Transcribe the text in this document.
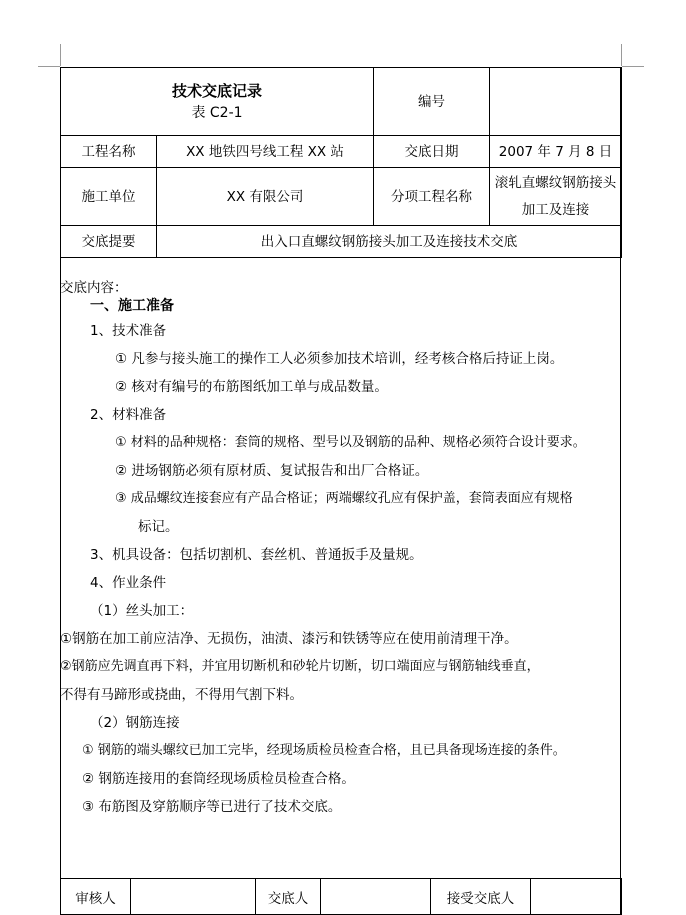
技术交底记录
表 C2-1		编号	
工程名称	XX 地铁四号线工程 XX 站	交底日期	2007 年 7 月 8 日
施工单位	XX 有限公司	分项工程名称	滚轧直螺纹钢筋接头
加工及连接

交底提要	出入口直螺纹钢筋接头加工及连接技术交底		
交底内容：
一、施工准备
1、技术准备
① 凡参与接头施工的操作工人必须参加技术培训，经考核合格后持证上岗。
② 核对有编号的布筋图纸加工单与成品数量。
2、材料准备
① 材料的品种规格：套筒的规格、型号以及钢筋的品种、规格必须符合设计要求。
② 进场钢筋必须有原材质、复试报告和出厂合格证。
③ 成品螺纹连接套应有产品合格证；两端螺纹孔应有保护盖，套筒表面应有规格
标记。
3、机具设备：包括切割机、套丝机、普通扳手及量规。
4、作业条件
（1）丝头加工：
①钢筋在加工前应洁净、无损伤，油渍、漆污和铁锈等应在使用前清理干净。
②钢筋应先调直再下料，并宜用切断机和砂轮片切断，切口端面应与钢筋轴线垂直，
不得有马蹄形或挠曲，不得用气割下料。
（2）钢筋连接
① 钢筋的端头螺纹已加工完毕，经现场质检员检查合格，且已具备现场连接的条件。
② 钢筋连接用的套筒经现场质检员检查合格。
③ 布筋图及穿筋顺序等已进行了技术交底。
审核人		交底人		接受交底人	
